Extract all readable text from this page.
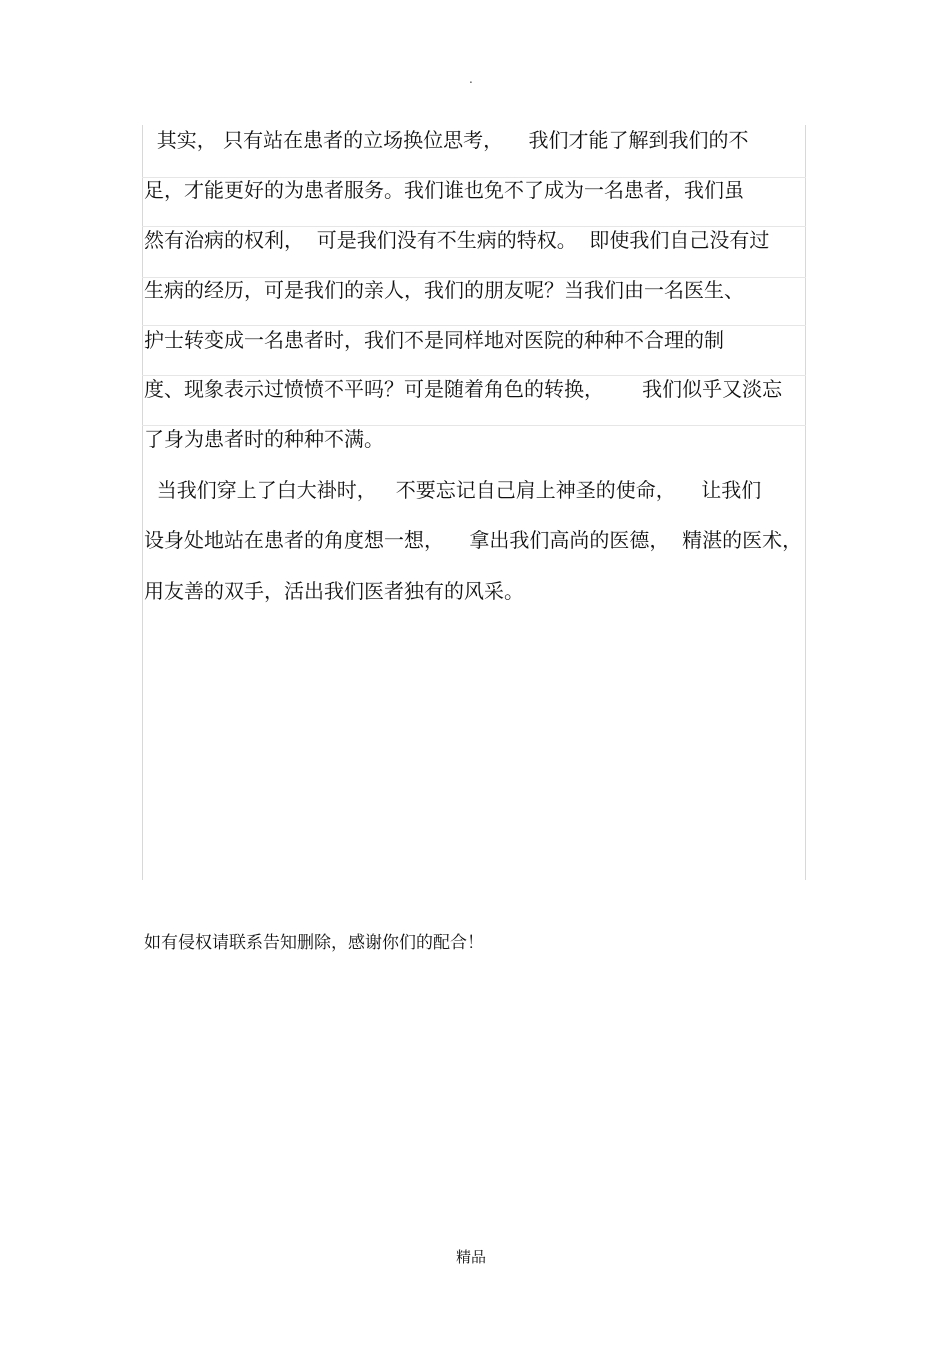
.
其实， 只有站在患者的立场换位思考，    我们才能了解到我们的不
足，才能更好的为患者服务。我们谁也免不了成为一名患者，我们虽
然有治病的权利，  可是我们没有不生病的特权。  即使我们自己没有过
生病的经历，可是我们的亲人，我们的朋友呢？当我们由一名医生、
护士转变成一名患者时，我们不是同样地对医院的种种不合理的制
度、现象表示过愤愤不平吗？可是随着角色的转换，      我们似乎又淡忘
了身为患者时的种种不满。
当我们穿上了白大褂时，   不要忘记自己肩上神圣的使命，    让我们
设身处地站在患者的角度想一想，    拿出我们高尚的医德，  精湛的医术，
用友善的双手，活出我们医者独有的风采。
如有侵权请联系告知删除，感谢你们的配合！
精品
